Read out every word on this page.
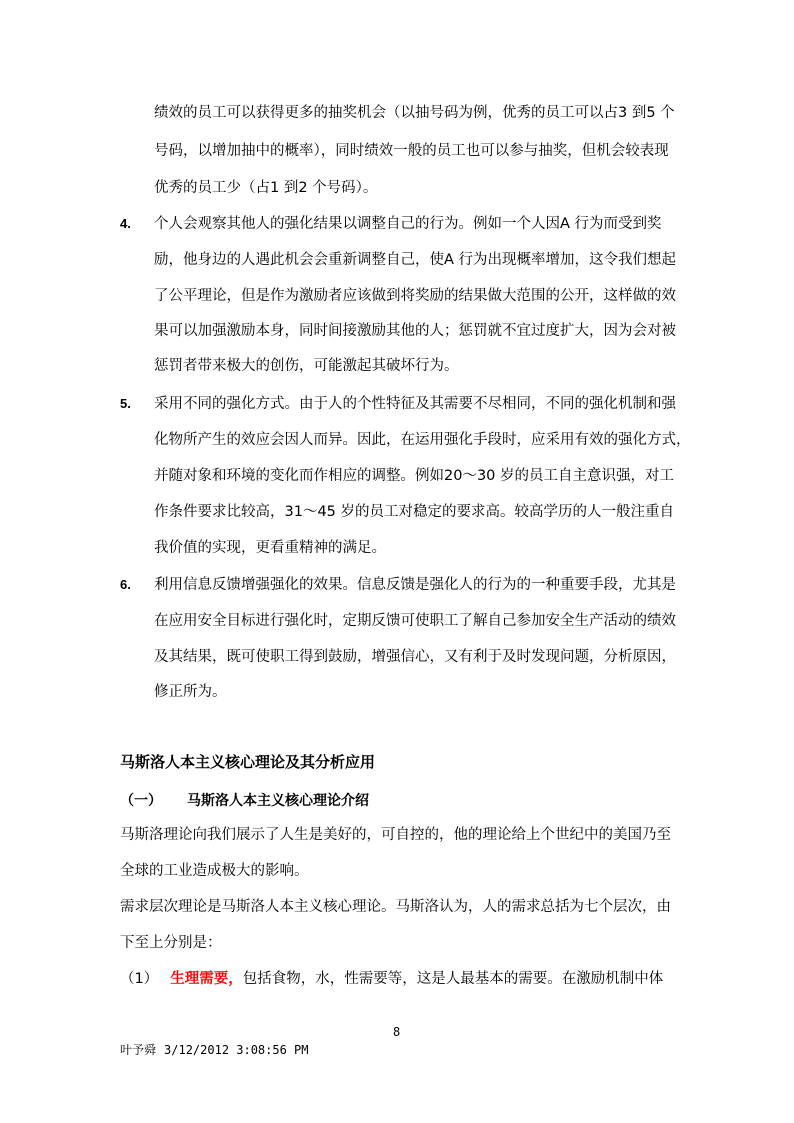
绩效的员工可以获得更多的抽奖机会（以抽号码为例，优秀的员工可以占3 到5 个
号码，以增加抽中的概率），同时绩效一般的员工也可以参与抽奖，但机会较表现
优秀的员工少（占1 到2 个号码）。
4. 个人会观察其他人的强化结果以调整自己的行为。例如一个人因A 行为而受到奖
励，他身边的人遇此机会会重新调整自己，使A 行为出现概率增加，这令我们想起
了公平理论，但是作为激励者应该做到将奖励的结果做大范围的公开，这样做的效
果可以加强激励本身，同时间接激励其他的人；惩罚就不宜过度扩大，因为会对被
惩罚者带来极大的创伤，可能激起其破坏行为。
5. 采用不同的强化方式。由于人的个性特征及其需要不尽相同，不同的强化机制和强
化物所产生的效应会因人而异。因此，在运用强化手段时，应采用有效的强化方式，
并随对象和环境的变化而作相应的调整。例如20～30 岁的员工自主意识强，对工
作条件要求比较高，31～45 岁的员工对稳定的要求高。较高学历的人一般注重自
我价值的实现，更看重精神的满足。
6. 利用信息反馈增强强化的效果。信息反馈是强化人的行为的一种重要手段，尤其是
在应用安全目标进行强化时，定期反馈可使职工了解自己参加安全生产活动的绩效
及其结果，既可使职工得到鼓励，增强信心，又有利于及时发现问题，分析原因，
修正所为。
马斯洛人本主义核心理论及其分析应用
（一） 马斯洛人本主义核心理论介绍
马斯洛理论向我们展示了人生是美好的，可自控的，他的理论给上个世纪中的美国乃至
全球的工业造成极大的影响。
需求层次理论是马斯洛人本主义核心理论。马斯洛认为，人的需求总括为七个层次，由
下至上分别是：
（1） 生理需要，包括食物，水，性需要等，这是人最基本的需要。在激励机制中体
8
叶予舜 3/12/2012 3:08:56 PM
